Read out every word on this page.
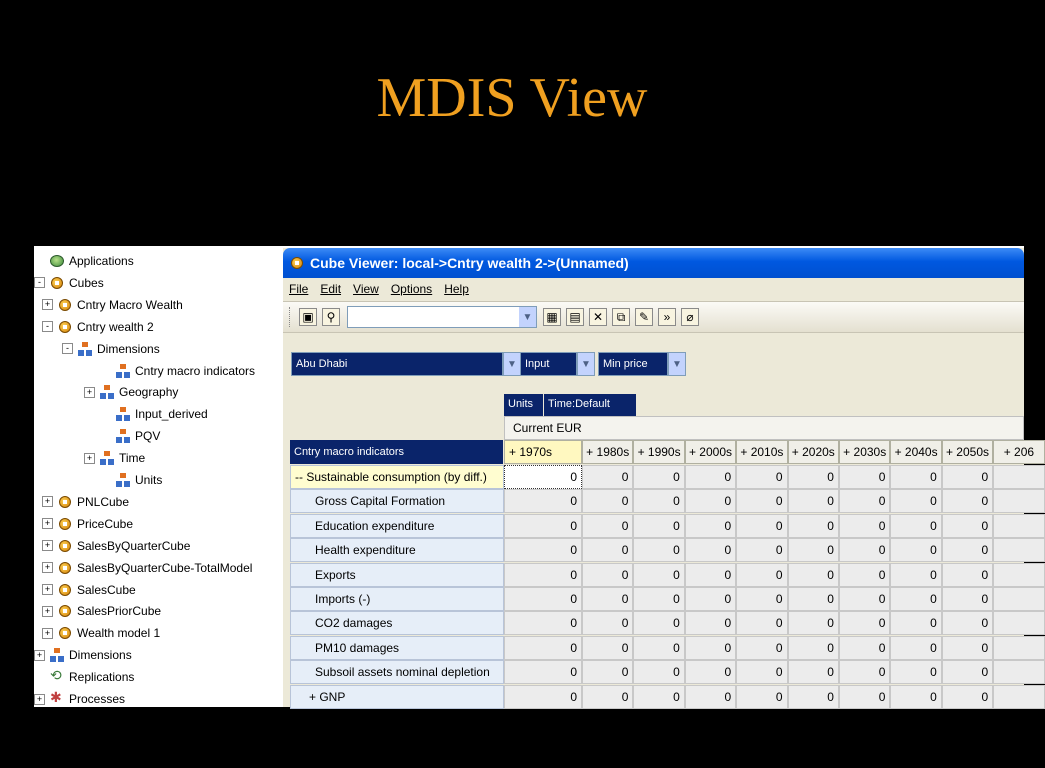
MDIS View
Applications
-	Cubes
+ Cntry Macro Wealth
-	Cntry wealth 2
-	Dimensions
Cntry macro indicators
+ Geography
Input_derived
PQV
+ Time
Units
+ PNLCube
+ PriceCube
+ SalesByQuarterCube
+ SalesByQuarterCube-TotalModel
+ SalesCube
+ SalesPriorCube
+ Wealth model 1
+ Dimensions
⟲
Replications
+
✱ Processes
Cube Viewer: local->Cntry wealth 2->(Unnamed)
File Edit View Options Help
▣	⚲	▼ ▦ ▤	✕	⧉	✎	»	⌀
Abu Dhabi	▼ Input	▼	Min price	▼
Units	Time:Default
Current EUR
Cntry macro indicators	+ 1970s	+ 1980s + 1990s + 2000s + 2010s + 2020s + 2030s + 2040s + 2050s	+ 206
-- Sustainable consumption (by diff.)	0	0	0	0	0	0	0	0	0
Gross Capital Formation	0	0	0	0	0	0	0	0	0
Education expenditure	0	0	0	0	0	0	0	0	0
Health expenditure	0	0	0	0	0	0	0	0	0
Exports	0	0	0	0	0	0	0	0	0
Imports (-)	0	0	0	0	0	0	0	0	0
CO2 damages	0	0	0	0	0	0	0	0	0
PM10 damages	0	0	0	0	0	0	0	0	0
Subsoil assets nominal depletion	0	0	0	0	0	0	0	0	0
+ GNP	0	0	0	0	0	0	0	0	0
